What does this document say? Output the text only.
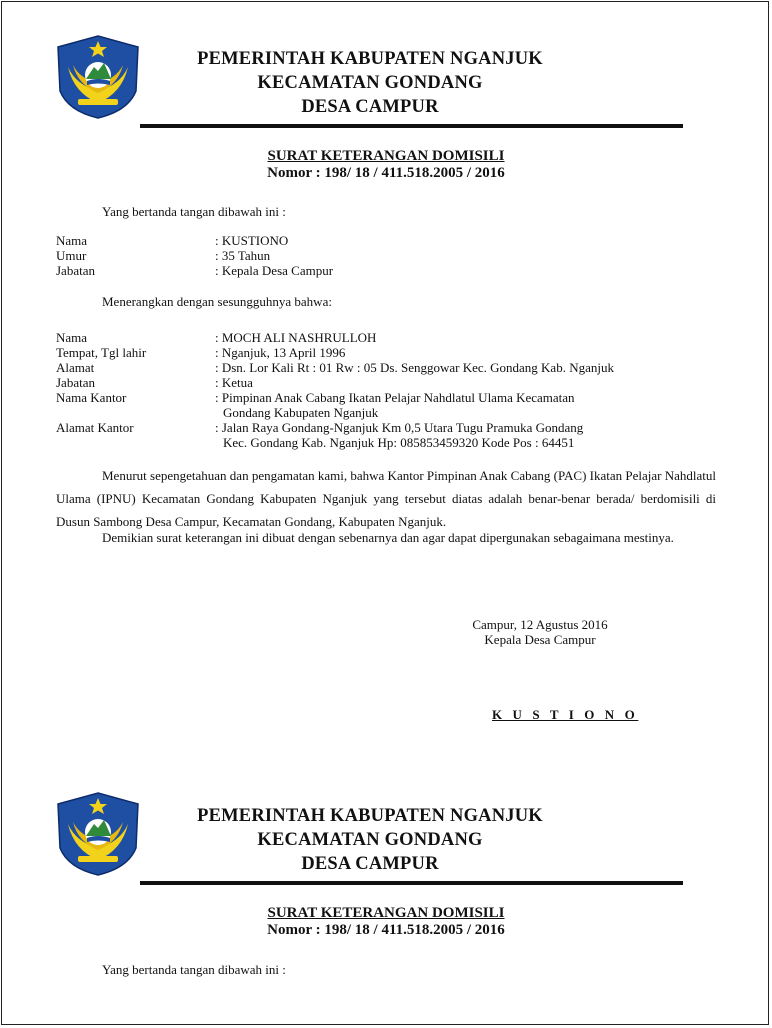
PEMERINTAH KABUPATEN NGANJUK
KECAMATAN GONDANG
DESA CAMPUR
SURAT KETERANGAN DOMISILI
Nomor : 198/ 18 / 411.518.2005 / 2016
Yang bertanda tangan dibawah ini :
Nama	: KUSTIONO
Umur	: 35 Tahun
Jabatan	: Kepala Desa Campur
Menerangkan dengan sesungguhnya bahwa:
Nama	: MOCH ALI NASHRULLOH
Tempat, Tgl lahir	: Nganjuk, 13 April 1996
Alamat	: Dsn. Lor Kali Rt : 01 Rw : 05 Ds. Senggowar Kec. Gondang Kab. Nganjuk
Jabatan	: Ketua
Nama Kantor	: Pimpinan Anak Cabang Ikatan Pelajar Nahdlatul Ulama Kecamatan
Gondang Kabupaten Nganjuk
Alamat Kantor	: Jalan Raya Gondang-Nganjuk Km 0,5 Utara Tugu Pramuka Gondang
Kec. Gondang Kab. Nganjuk Hp: 085853459320 Kode Pos : 64451

Menurut sepengetahuan dan pengamatan kami, bahwa Kantor Pimpinan Anak Cabang (PAC) Ikatan Pelajar Nahdlatul Ulama (IPNU) Kecamatan Gondang Kabupaten Nganjuk yang tersebut diatas adalah benar-benar berada/ berdomisili di Dusun Sambong Desa Campur, Kecamatan Gondang, Kabupaten Nganjuk.

Demikian surat keterangan ini dibuat dengan sebenarnya dan agar dapat dipergunakan sebagaimana mestinya.

Campur, 12 Agustus 2016
Kepala Desa Campur
K U S T I O N O
PEMERINTAH KABUPATEN NGANJUK
KECAMATAN GONDANG
DESA CAMPUR
SURAT KETERANGAN DOMISILI
Nomor : 198/ 18 / 411.518.2005 / 2016
Yang bertanda tangan dibawah ini :
